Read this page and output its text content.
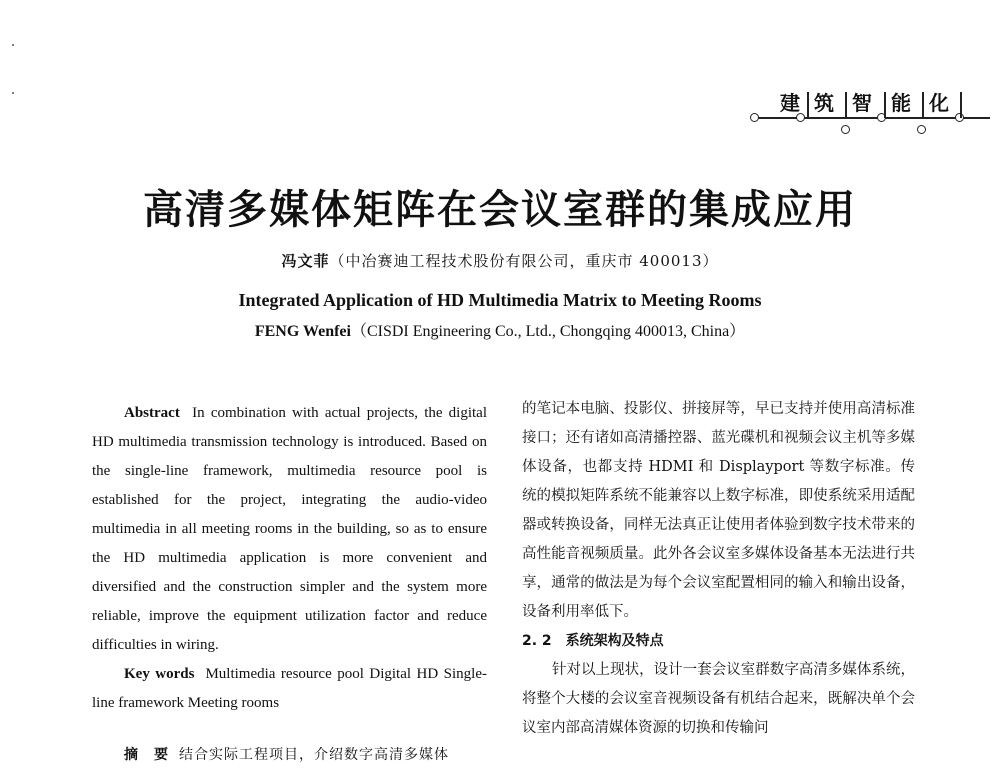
建 筑 智 能 化
高清多媒体矩阵在会议室群的集成应用
冯文菲（中冶赛迪工程技术股份有限公司，重庆市 400013）
Integrated Application of HD Multimedia Matrix to Meeting Rooms
FENG Wenfei（CISDI Engineering Co., Ltd., Chongqing 400013, China）

Abstract In combination with actual projects, the digital HD multimedia transmission technology is introduced. Based on the single-line framework, multimedia resource pool is established for the project, integrating the audio-video multimedia in all meeting rooms in the building, so as to ensure the HD multimedia application is more convenient and diversified and the construction simpler and the system more reliable, improve the equipment utilization factor and reduce difficulties in wiring.

Key words Multimedia resource pool Digital HD Single-line framework Meeting rooms

摘　要 结合实际工程项目，介绍数字高清多媒体

的笔记本电脑、投影仪、拼接屏等，早已支持并使用高清标准接口；还有诸如高清播控器、蓝光碟机和视频会议主机等多媒体设备，也都支持 HDMI 和 Displayport 等数字标准。传统的模拟矩阵系统不能兼容以上数字标准，即使系统采用适配器或转换设备，同样无法真正让使用者体验到数字技术带来的高性能音视频质量。此外各会议室多媒体设备基本无法进行共享，通常的做法是为每个会议室配置相同的输入和输出设备，设备利用率低下。

2. 2　系统架构及特点

针对以上现状，设计一套会议室群数字高清多媒体系统，将整个大楼的会议室音视频设备有机结合起来，既解决单个会议室内部高清媒体资源的切换和传输问
